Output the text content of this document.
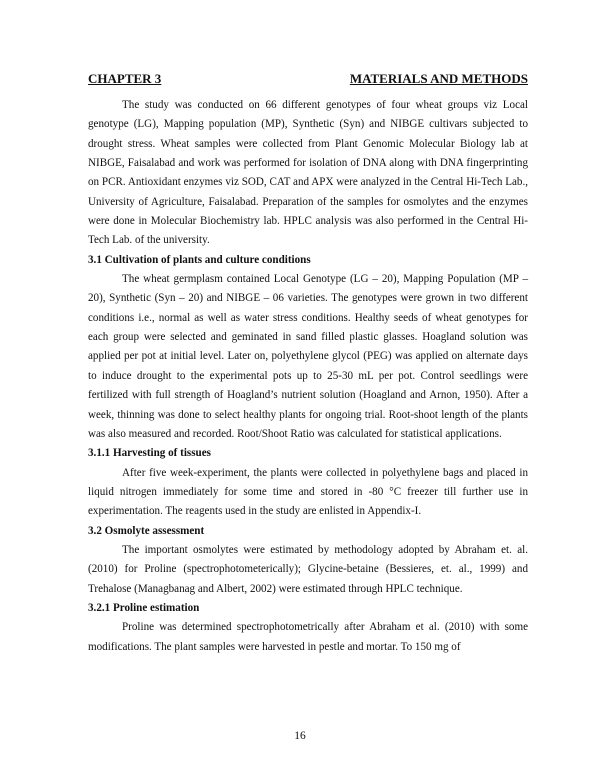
CHAPTER 3	MATERIALS AND METHODS

The study was conducted on 66 different genotypes of four wheat groups viz Local genotype (LG), Mapping population (MP), Synthetic (Syn) and NIBGE cultivars subjected to drought stress. Wheat samples were collected from Plant Genomic Molecular Biology lab at NIBGE, Faisalabad and work was performed for isolation of DNA along with DNA fingerprinting on PCR. Antioxidant enzymes viz SOD, CAT and APX were analyzed in the Central Hi-Tech Lab., University of Agriculture, Faisalabad. Preparation of the samples for osmolytes and the enzymes were done in Molecular Biochemistry lab. HPLC analysis was also performed in the Central Hi-Tech Lab. of the university.

3.1 Cultivation of plants and culture conditions

The wheat germplasm contained Local Genotype (LG – 20), Mapping Population (MP – 20), Synthetic (Syn – 20) and NIBGE – 06 varieties. The genotypes were grown in two different conditions i.e., normal as well as water stress conditions. Healthy seeds of wheat genotypes for each group were selected and geminated in sand filled plastic glasses. Hoagland solution was applied per pot at initial level. Later on, polyethylene glycol (PEG) was applied on alternate days to induce drought to the experimental pots up to 25-30 mL per pot. Control seedlings were fertilized with full strength of Hoagland’s nutrient solution (Hoagland and Arnon, 1950). After a week, thinning was done to select healthy plants for ongoing trial. Root-shoot length of the plants was also measured and recorded. Root/Shoot Ratio was calculated for statistical applications.

3.1.1 Harvesting of tissues

After five week-experiment, the plants were collected in polyethylene bags and placed in liquid nitrogen immediately for some time and stored in -80 °C freezer till further use in experimentation. The reagents used in the study are enlisted in Appendix-I.

3.2 Osmolyte assessment

The important osmolytes were estimated by methodology adopted by Abraham et. al. (2010) for Proline (spectrophotometerically); Glycine-betaine (Bessieres, et. al., 1999) and Trehalose (Managbanag and Albert, 2002) were estimated through HPLC technique.

3.2.1 Proline estimation

Proline was determined spectrophotometrically after Abraham et al. (2010) with some modifications. The plant samples were harvested in pestle and mortar. To 150 mg of

16
